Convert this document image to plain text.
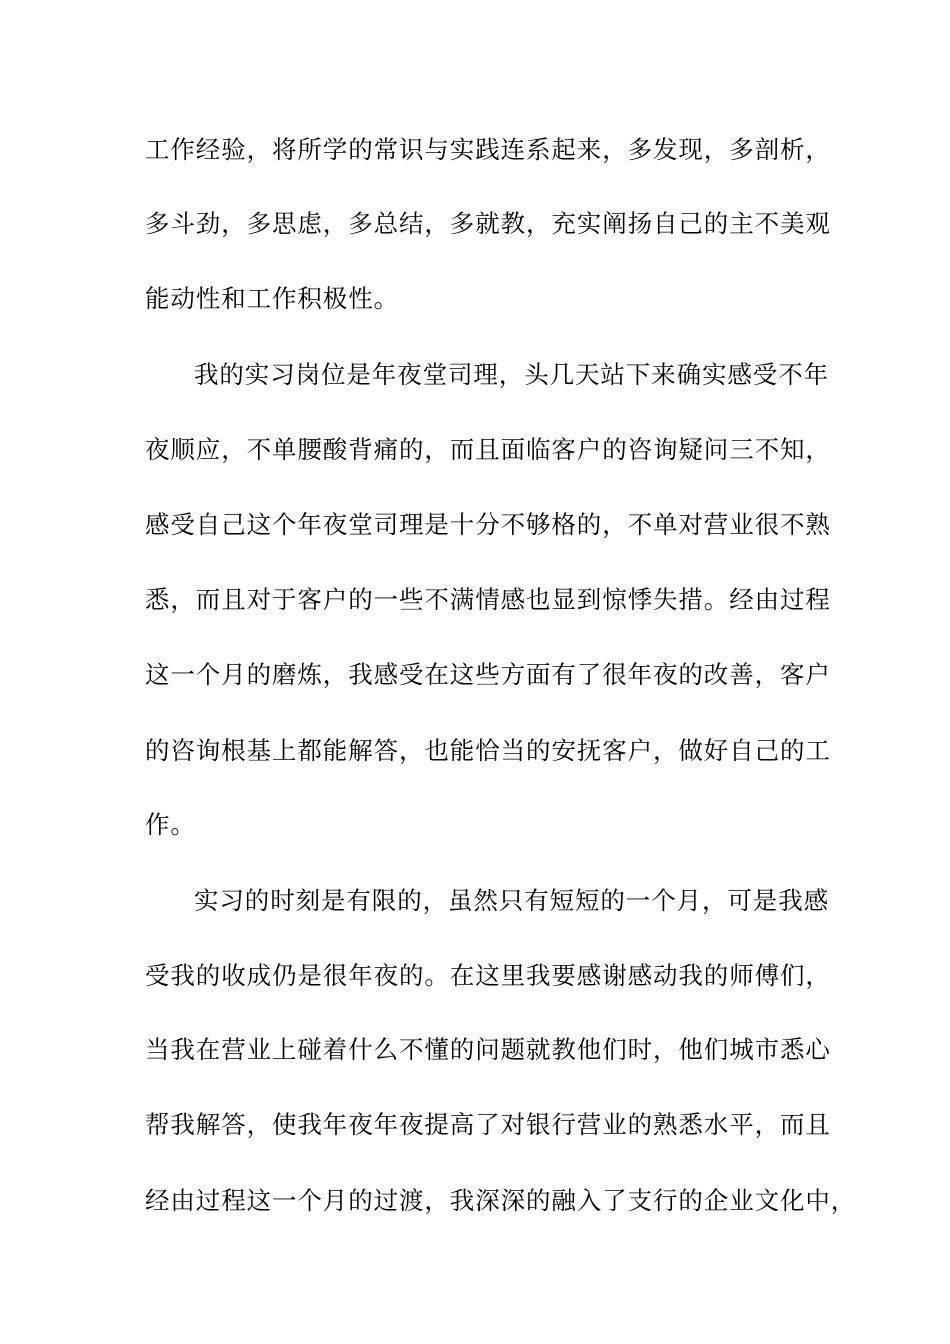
工作经验，将所学的常识与实践连系起来，多发现，多剖析，
多斗劲，多思虑，多总结，多就教，充实阐扬自己的主不美观
能动性和工作积极性。
我的实习岗位是年夜堂司理，头几天站下来确实感受不年
夜顺应，不单腰酸背痛的，而且面临客户的咨询疑问三不知，
感受自己这个年夜堂司理是十分不够格的，不单对营业很不熟
悉，而且对于客户的一些不满情感也显到惊悸失措。经由过程
这一个月的磨炼，我感受在这些方面有了很年夜的改善，客户
的咨询根基上都能解答，也能恰当的安抚客户，做好自己的工
作。
实习的时刻是有限的，虽然只有短短的一个月，可是我感
受我的收成仍是很年夜的。在这里我要感谢感动我的师傅们，
当我在营业上碰着什么不懂的问题就教他们时，他们城市悉心
帮我解答，使我年夜年夜提高了对银行营业的熟悉水平，而且
经由过程这一个月的过渡，我深深的融入了支行的企业文化中，
